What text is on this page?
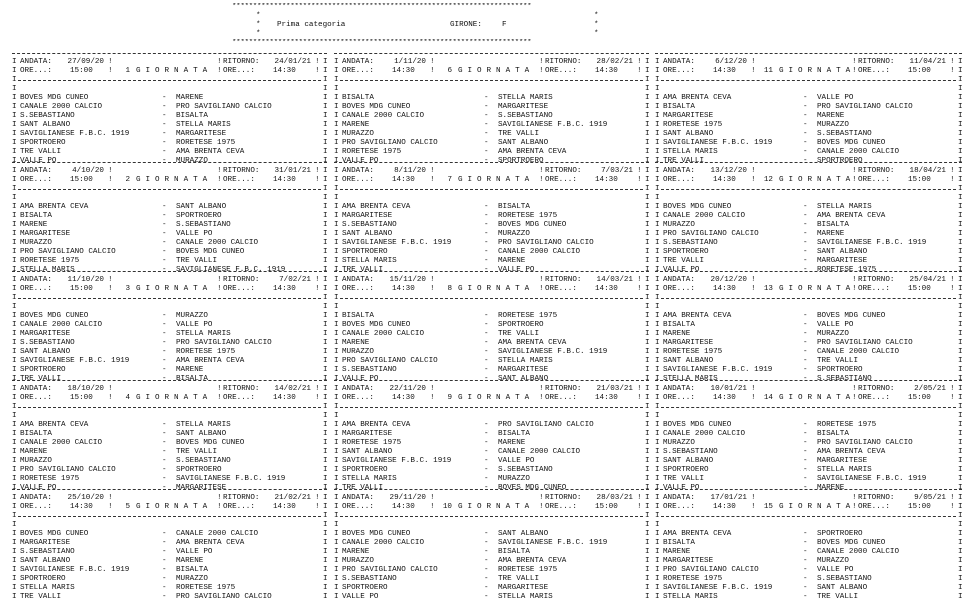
************************************************************************
*	*
* Prima categoria	GIRONE:	F	*
*	*
************************************************************************
I ANDATA: 27/09/20 !	! RITORNO:	24/01/21 ! I
I ORE...: 15:00 !	1 G I O R N A T A ! ORE...: 14:30	! I
I	I
I	I
I BOVES MDG CUNEO	- MARENE	I
I CANALE 2000 CALCIO	- PRO SAVIGLIANO CALCIO	I
I S.SEBASTIANO	- BISALTA	I
I SANT ALBANO	- STELLA MARIS	I
I SAVIGLIANESE F.B.C. 1919	- MARGARITESE	I
I SPORTROERO	- RORETESE 1975	I
I TRE VALLI	- AMA BRENTA CEVA	I
I VALLE PO	- MURAZZO	I
I ANDATA:	4/10/20 !	! RITORNO:	31/01/21 ! I
I ORE...: 15:00 !	2 G I O R N A T A ! ORE...: 14:30	! I
I	I
I	I
I AMA BRENTA CEVA	- SANT ALBANO	I
I BISALTA	- SPORTROERO	I
I MARENE	- S.SEBASTIANO	I
I MARGARITESE	- VALLE PO	I
I MURAZZO	- CANALE 2000 CALCIO	I
I PRO SAVIGLIANO CALCIO	- BOVES MDG CUNEO	I
I RORETESE 1975	- TRE VALLI	I
I STELLA MARIS	- SAVIGLIANESE F.B.C. 1919	I
I ANDATA: 11/10/20 !	! RITORNO:	7/02/21 ! I
I ORE...: 15:00 !	3 G I O R N A T A ! ORE...: 14:30	! I
I	I
I	I
I BOVES MDG CUNEO	- MURAZZO	I
I CANALE 2000 CALCIO	- VALLE PO	I
I MARGARITESE	- STELLA MARIS	I
I S.SEBASTIANO	- PRO SAVIGLIANO CALCIO	I
I SANT ALBANO	- RORETESE 1975	I
I SAVIGLIANESE F.B.C. 1919	- AMA BRENTA CEVA	I
I SPORTROERO	- MARENE	I
I TRE VALLI	- BISALTA	I
I ANDATA: 18/10/20 !	! RITORNO:	14/02/21 ! I
I ORE...: 15:00 !	4 G I O R N A T A ! ORE...: 14:30	! I
I	I
I	I
I AMA BRENTA CEVA	- STELLA MARIS	I
I BISALTA	- SANT ALBANO	I
I CANALE 2000 CALCIO	- BOVES MDG CUNEO	I
I MARENE	- TRE VALLI	I
I MURAZZO	- S.SEBASTIANO	I
I PRO SAVIGLIANO CALCIO	- SPORTROERO	I
I RORETESE 1975	- SAVIGLIANESE F.B.C. 1919	I
I VALLE PO	- MARGARITESE	I
I ANDATA: 25/10/20 !	! RITORNO:	21/02/21 ! I
I ORE...: 14:30 !	5 G I O R N A T A ! ORE...: 14:30	! I
I	I
I	I
I BOVES MDG CUNEO	- CANALE 2000 CALCIO	I
I MARGARITESE	- AMA BRENTA CEVA	I
I S.SEBASTIANO	- VALLE PO	I
I SANT ALBANO	- MARENE	I
I SAVIGLIANESE F.B.C. 1919	- BISALTA	I
I SPORTROERO	- MURAZZO	I
I STELLA MARIS	- RORETESE 1975	I
I TRE VALLI	- PRO SAVIGLIANO CALCIO	I
I ANDATA:	1/11/20 !	! RITORNO:	28/02/21 ! I
I ORE...: 14:30 !	6 G I O R N A T A ! ORE...: 14:30	! I
I	I
I	I
I BISALTA	- STELLA MARIS	I
I BOVES MDG CUNEO	- MARGARITESE	I
I CANALE 2000 CALCIO	- S.SEBASTIANO	I
I MARENE	- SAVIGLIANESE F.B.C. 1919	I
I MURAZZO	- TRE VALLI	I
I PRO SAVIGLIANO CALCIO	- SANT ALBANO	I
I RORETESE 1975	- AMA BRENTA CEVA	I
I VALLE PO	- SPORTROERO	I
I ANDATA:	8/11/20 !	! RITORNO:	7/03/21 ! I
I ORE...: 14:30 !	7 G I O R N A T A ! ORE...: 14:30	! I
I	I
I	I
I AMA BRENTA CEVA	- BISALTA	I
I MARGARITESE	- RORETESE 1975	I
I S.SEBASTIANO	- BOVES MDG CUNEO	I
I SANT ALBANO	- MURAZZO	I
I SAVIGLIANESE F.B.C. 1919	- PRO SAVIGLIANO CALCIO	I
I SPORTROERO	- CANALE 2000 CALCIO	I
I STELLA MARIS	- MARENE	I
I TRE VALLI	- VALLE PO	I
I ANDATA: 15/11/20 !	! RITORNO:	14/03/21 ! I
I ORE...: 14:30 !	8 G I O R N A T A ! ORE...: 14:30	! I
I	I
I	I
I BISALTA	- RORETESE 1975	I
I BOVES MDG CUNEO	- SPORTROERO	I
I CANALE 2000 CALCIO	- TRE VALLI	I
I MARENE	- AMA BRENTA CEVA	I
I MURAZZO	- SAVIGLIANESE F.B.C. 1919	I
I PRO SAVIGLIANO CALCIO	- STELLA MARIS	I
I S.SEBASTIANO	- MARGARITESE	I
I VALLE PO	- SANT ALBANO	I
I ANDATA: 22/11/20 !	! RITORNO:	21/03/21 ! I
I ORE...: 14:30 !	9 G I O R N A T A ! ORE...: 14:30	! I
I	I
I	I
I AMA BRENTA CEVA	- PRO SAVIGLIANO CALCIO	I
I MARGARITESE	- BISALTA	I
I RORETESE 1975	- MARENE	I
I SANT ALBANO	- CANALE 2000 CALCIO	I
I SAVIGLIANESE F.B.C. 1919	- VALLE PO	I
I SPORTROERO	- S.SEBASTIANO	I
I STELLA MARIS	- MURAZZO	I
I TRE VALLI	- BOVES MDG CUNEO	I
I ANDATA: 29/11/20 !	! RITORNO:	28/03/21 ! I
I ORE...: 14:30 !	10 G I O R N A T A ! ORE...: 15:00	! I
I	I
I	I
I BOVES MDG CUNEO	- SANT ALBANO	I
I CANALE 2000 CALCIO	- SAVIGLIANESE F.B.C. 1919	I
I MARENE	- BISALTA	I
I MURAZZO	- AMA BRENTA CEVA	I
I PRO SAVIGLIANO CALCIO	- RORETESE 1975	I
I S.SEBASTIANO	- TRE VALLI	I
I SPORTROERO	- MARGARITESE	I
I VALLE PO	- STELLA MARIS	I
I ANDATA:	6/12/20 !	! RITORNO:	11/04/21 ! I
I ORE...: 14:30 !	11 G I O R N A T A ! ORE...: 15:00	! I
I	I
I	I
I AMA BRENTA CEVA	- VALLE PO	I
I BISALTA	- PRO SAVIGLIANO CALCIO	I
I MARGARITESE	- MARENE	I
I RORETESE 1975	- MURAZZO	I
I SANT ALBANO	- S.SEBASTIANO	I
I SAVIGLIANESE F.B.C. 1919	- BOVES MDG CUNEO	I
I STELLA MARIS	- CANALE 2000 CALCIO	I
I TRE VALLI	- SPORTROERO	I
I ANDATA: 13/12/20 !	! RITORNO:	18/04/21 ! I
I ORE...: 14:30 !	12 G I O R N A T A ! ORE...: 15:00	! I
I	I
I	I
I BOVES MDG CUNEO	- STELLA MARIS	I
I CANALE 2000 CALCIO	- AMA BRENTA CEVA	I
I MURAZZO	- BISALTA	I
I PRO SAVIGLIANO CALCIO	- MARENE	I
I S.SEBASTIANO	- SAVIGLIANESE F.B.C. 1919	I
I SPORTROERO	- SANT ALBANO	I
I TRE VALLI	- MARGARITESE	I
I VALLE PO	- RORETESE 1975	I
I ANDATA: 20/12/20 !	! RITORNO:	25/04/21 ! I
I ORE...: 14:30 !	13 G I O R N A T A ! ORE...: 15:00	! I
I	I
I	I
I AMA BRENTA CEVA	- BOVES MDG CUNEO	I
I BISALTA	- VALLE PO	I
I MARENE	- MURAZZO	I
I MARGARITESE	- PRO SAVIGLIANO CALCIO	I
I RORETESE 1975	- CANALE 2000 CALCIO	I
I SANT ALBANO	- TRE VALLI	I
I SAVIGLIANESE F.B.C. 1919	- SPORTROERO	I
I STELLA MARIS	- S.SEBASTIANO	I
I ANDATA: 10/01/21 !	! RITORNO:	2/05/21 ! I
I ORE...: 14:30 !	14 G I O R N A T A ! ORE...: 15:00	! I
I	I
I	I
I BOVES MDG CUNEO	- RORETESE 1975	I
I CANALE 2000 CALCIO	- BISALTA	I
I MURAZZO	- PRO SAVIGLIANO CALCIO	I
I S.SEBASTIANO	- AMA BRENTA CEVA	I
I SANT ALBANO	- MARGARITESE	I
I SPORTROERO	- STELLA MARIS	I
I TRE VALLI	- SAVIGLIANESE F.B.C. 1919	I
I VALLE PO	- MARENE	I
I ANDATA: 17/01/21 !	! RITORNO:	9/05/21 ! I
I ORE...: 14:30 !	15 G I O R N A T A ! ORE...: 15:00	! I
I	I
I	I
I AMA BRENTA CEVA	- SPORTROERO	I
I BISALTA	- BOVES MDG CUNEO	I
I MARENE	- CANALE 2000 CALCIO	I
I MARGARITESE	- MURAZZO	I
I PRO SAVIGLIANO CALCIO	- VALLE PO	I
I RORETESE 1975	- S.SEBASTIANO	I
I SAVIGLIANESE F.B.C. 1919	- SANT ALBANO	I
I STELLA MARIS	- TRE VALLI	I
